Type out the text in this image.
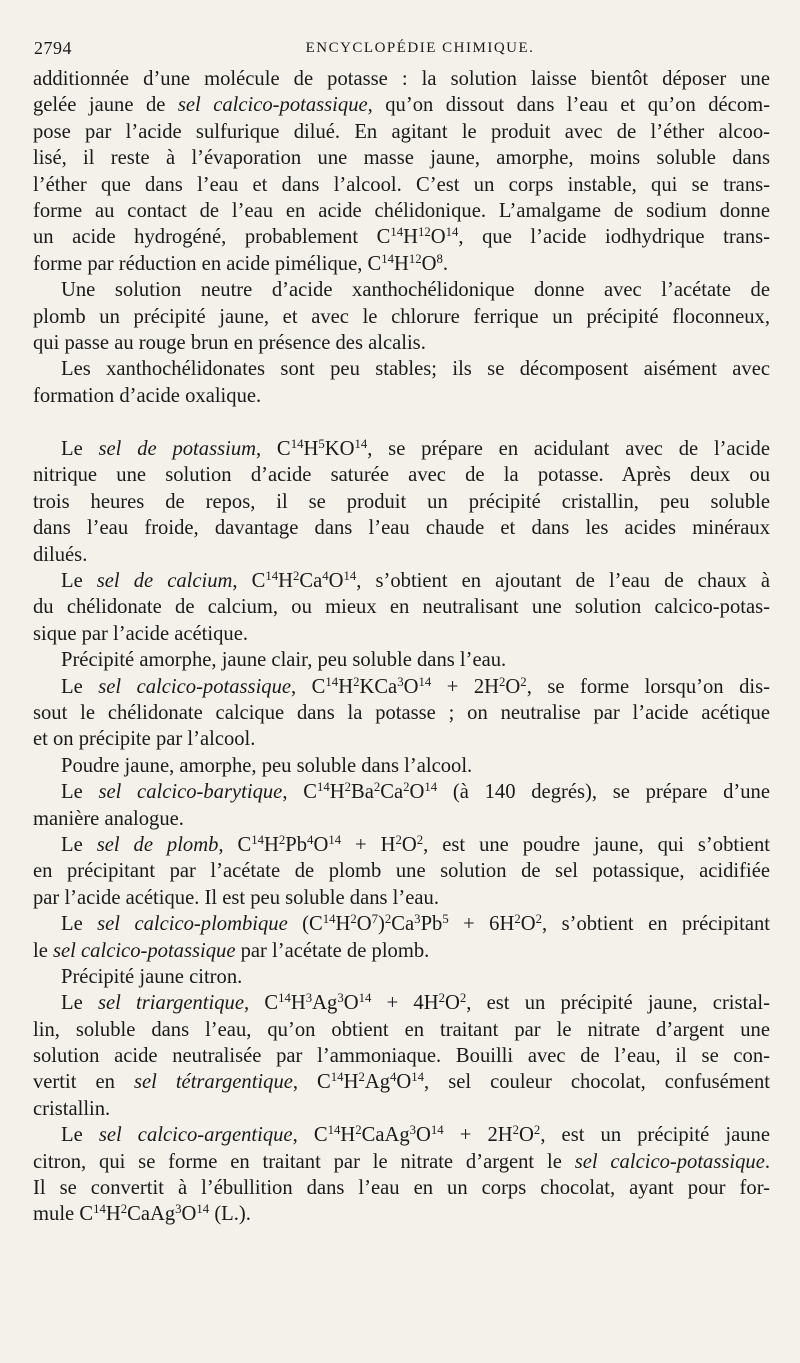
2794	ENCYCLOPÉDIE CHIMIQUE.
additionnée d’une molécule de potasse : la solution laisse bientôt déposer une
gelée jaune de sel calcico-potassique, qu’on dissout dans l’eau et qu’on décom-
pose par l’acide sulfurique dilué. En agitant le produit avec de l’éther alcoo-
lisé, il reste à l’évaporation une masse jaune, amorphe, moins soluble dans
l’éther que dans l’eau et dans l’alcool. C’est un corps instable, qui se trans-
forme au contact de l’eau en acide chélidonique. L’amalgame de sodium donne
un acide hydrogéné, probablement $C^{14}H^{12}O^{14}$, que l’acide iodhydrique trans-
forme par réduction en acide pimélique, $C^{14}H^{12}O^8$.
Une solution neutre d’acide xanthochélidonique donne avec l’acétate de
plomb un précipité jaune, et avec le chlorure ferrique un précipité floconneux,
qui passe au rouge brun en présence des alcalis.
Les xanthochélidonates sont peu stables; ils se décomposent aisément avec
formation d’acide oxalique.
Le sel de potassium, $C^{14}H^5KO^{14}$, se prépare en acidulant avec de l’acide
nitrique une solution d’acide saturée avec de la potasse. Après deux ou
trois heures de repos, il se produit un précipité cristallin, peu soluble
dans l’eau froide, davantage dans l’eau chaude et dans les acides minéraux
dilués.
Le sel de calcium, $C^{14}H^2Ca^4O^{14}$, s’obtient en ajoutant de l’eau de chaux à
du chélidonate de calcium, ou mieux en neutralisant une solution calcico-potas-
sique par l’acide acétique.
Précipité amorphe, jaune clair, peu soluble dans l’eau.
Le sel calcico-potassique, $C^{14}H^2KCa^3O^{14} + 2H^2O^2$, se forme lorsqu’on dis-
sout le chélidonate calcique dans la potasse ; on neutralise par l’acide acétique
et on précipite par l’alcool.
Poudre jaune, amorphe, peu soluble dans l’alcool.
Le sel calcico-barytique, $C^{14}H^2Ba^2Ca^2O^{14}$ (à 140 degrés), se prépare d’une
manière analogue.
Le sel de plomb, $C^{14}H^2Pb^4O^{14} + H^2O^2$, est une poudre jaune, qui s’obtient
en précipitant par l’acétate de plomb une solution de sel potassique, acidifiée
par l’acide acétique. Il est peu soluble dans l’eau.
Le sel calcico-plombique $(C^{14}H^2O^7)^2Ca^3Pb^5 + 6H^2O^2$, s’obtient en précipitant
le sel calcico-potassique par l’acétate de plomb.
Précipité jaune citron.
Le sel triargentique, $C^{14}H^3Ag^3O^{14} + 4H^2O^2$, est un précipité jaune, cristal-
lin, soluble dans l’eau, qu’on obtient en traitant par le nitrate d’argent une
solution acide neutralisée par l’ammoniaque. Bouilli avec de l’eau, il se con-
vertit en sel tétrargentique, $C^{14}H^2Ag^4O^{14}$, sel couleur chocolat, confusément
cristallin.
Le sel calcico-argentique, $C^{14}H^2CaAg^3O^{14} + 2H^2O^2$, est un précipité jaune
citron, qui se forme en traitant par le nitrate d’argent le sel calcico-potassique.
Il se convertit à l’ébullition dans l’eau en un corps chocolat, ayant pour for-
mule $C^{14}H^2CaAg^3O^{14}$ (L.).
